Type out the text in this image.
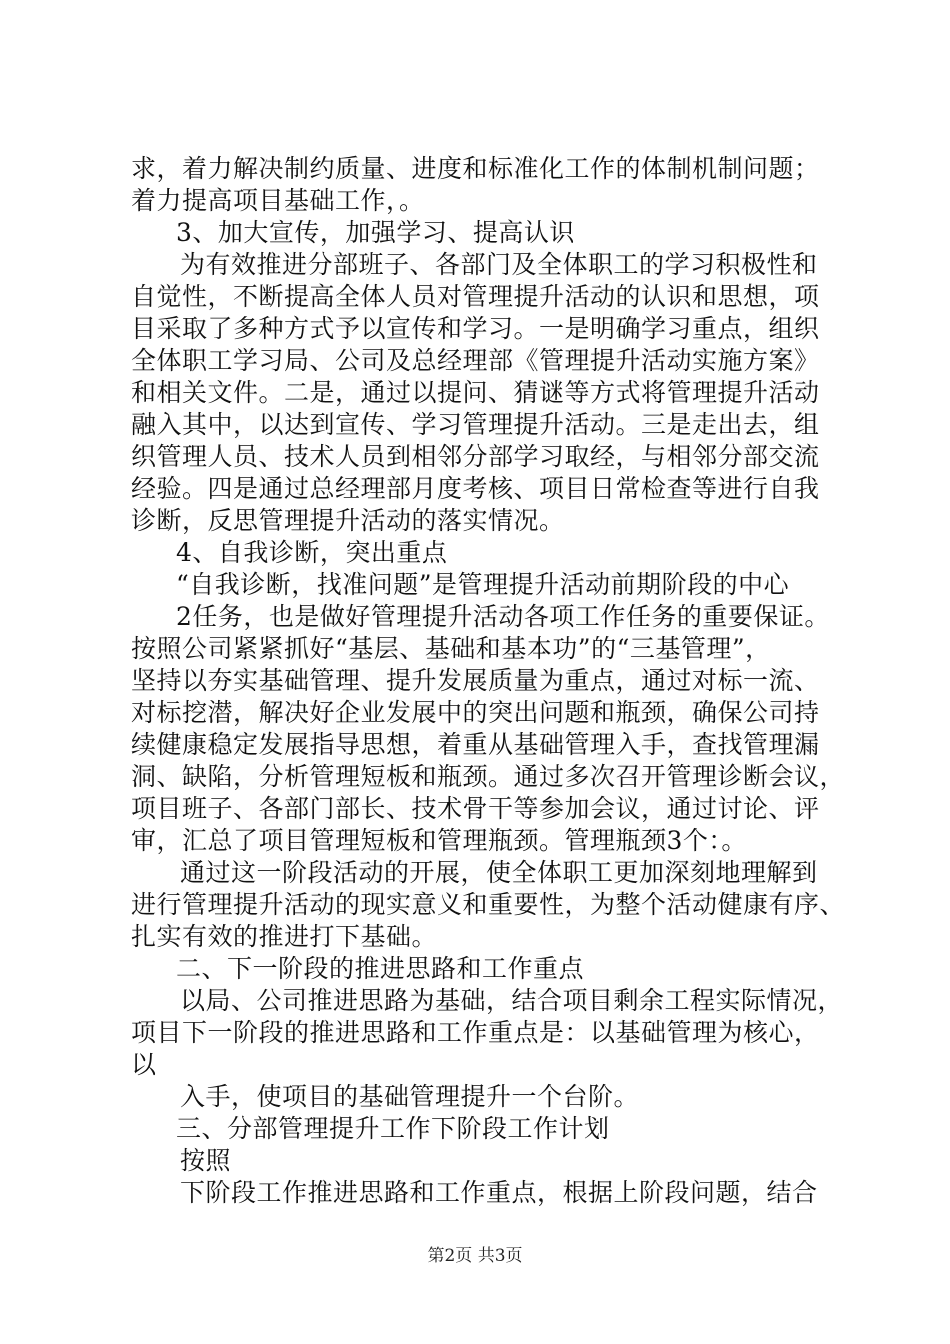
求，着力解决制约质量、进度和标准化工作的体制机制问题；
着力提高项目基础工作，。
3、加大宣传，加强学习、提高认识
为有效推进分部班子、各部门及全体职工的学习积极性和
自觉性，不断提高全体人员对管理提升活动的认识和思想，项
目采取了多种方式予以宣传和学习。一是明确学习重点，组织
全体职工学习局、公司及总经理部《管理提升活动实施方案》
和相关文件。二是，通过以提问、猜谜等方式将管理提升活动
融入其中，以达到宣传、学习管理提升活动。三是走出去，组
织管理人员、技术人员到相邻分部学习取经，与相邻分部交流
经验。四是通过总经理部月度考核、项目日常检查等进行自我
诊断，反思管理提升活动的落实情况。
4、自我诊断，突出重点
“自我诊断，找准问题”是管理提升活动前期阶段的中心
2任务，也是做好管理提升活动各项工作任务的重要保证。
按照公司紧紧抓好“基层、基础和基本功”的“三基管理”，
坚持以夯实基础管理、提升发展质量为重点，通过对标一流、
对标挖潜，解决好企业发展中的突出问题和瓶颈，确保公司持
续健康稳定发展指导思想，着重从基础管理入手，查找管理漏
洞、缺陷，分析管理短板和瓶颈。通过多次召开管理诊断会议，
项目班子、各部门部长、技术骨干等参加会议，通过讨论、评
审，汇总了项目管理短板和管理瓶颈。管理瓶颈3个：。
通过这一阶段活动的开展，使全体职工更加深刻地理解到
进行管理提升活动的现实意义和重要性，为整个活动健康有序、
扎实有效的推进打下基础。
二、下一阶段的推进思路和工作重点
以局、公司推进思路为基础，结合项目剩余工程实际情况，
项目下一阶段的推进思路和工作重点是：以基础管理为核心，
以
入手，使项目的基础管理提升一个台阶。
三、分部管理提升工作下阶段工作计划
按照
下阶段工作推进思路和工作重点，根据上阶段问题，结合
第2页 共3页
